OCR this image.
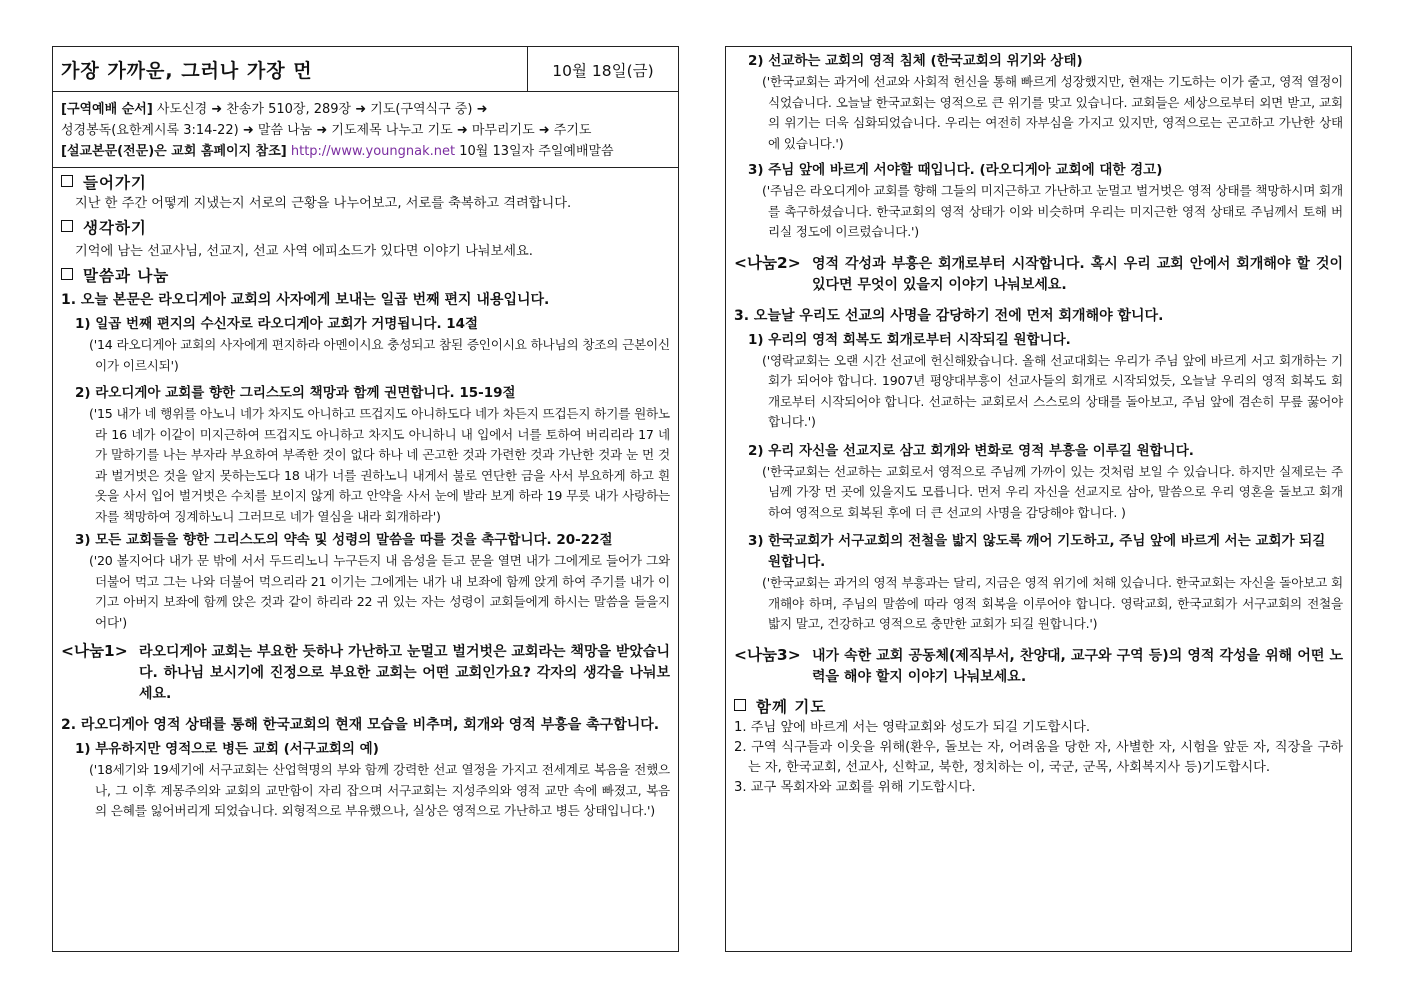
가장 가까운, 그러나 가장 먼	10월 18일(금)
[구역예배 순서] 사도신경 ➜ 찬송가 510장, 289장 ➜ 기도(구역식구 중) ➜
성경봉독(요한계시록 3:14-22) ➜ 말씀 나눔 ➜ 기도제목 나누고 기도 ➜ 마무리기도 ➜ 주기도
[설교본문(전문)은 교회 홈페이지 참조] http://www.youngnak.net 10월 13일자 주일예배말씀
들어가기
지난 한 주간 어떻게 지냈는지 서로의 근황을 나누어보고, 서로를 축복하고 격려합니다.
생각하기
기억에 남는 선교사님, 선교지, 선교 사역 에피소드가 있다면 이야기 나눠보세요.
말씀과 나눔
1. 오늘 본문은 라오디게아 교회의 사자에게 보내는 일곱 번째 편지 내용입니다.
1) 일곱 번째 편지의 수신자로 라오디게아 교회가 거명됩니다. 14절
('14 라오디게아 교회의 사자에게 편지하라 아멘이시요 충성되고 참된 증인이시요 하나님의 창조의 근본이신 이가 이르시되')
2) 라오디게아 교회를 향한 그리스도의 책망과 함께 권면합니다. 15-19절
('15 내가 네 행위를 아노니 네가 차지도 아니하고 뜨겁지도 아니하도다 네가 차든지 뜨겁든지 하기를 원하노라 16 네가 이같이 미지근하여 뜨겁지도 아니하고 차지도 아니하니 내 입에서 너를 토하여 버리리라 17 네가 말하기를 나는 부자라 부요하여 부족한 것이 없다 하나 네 곤고한 것과 가련한 것과 가난한 것과 눈 먼 것과 벌거벗은 것을 알지 못하는도다 18 내가 너를 권하노니 내게서 불로 연단한 금을 사서 부요하게 하고 흰 옷을 사서 입어 벌거벗은 수치를 보이지 않게 하고 안약을 사서 눈에 발라 보게 하라 19 무릇 내가 사랑하는 자를 책망하여 징계하노니 그러므로 네가 열심을 내라 회개하라')
3) 모든 교회들을 향한 그리스도의 약속 및 성령의 말씀을 따를 것을 촉구합니다. 20-22절
('20 볼지어다 내가 문 밖에 서서 두드리노니 누구든지 내 음성을 듣고 문을 열면 내가 그에게로 들어가 그와 더불어 먹고 그는 나와 더불어 먹으리라 21 이기는 그에게는 내가 내 보좌에 함께 앉게 하여 주기를 내가 이기고 아버지 보좌에 함께 앉은 것과 같이 하리라 22 귀 있는 자는 성령이 교회들에게 하시는 말씀을 들을지어다')
<나눔1> 라오디게아 교회는 부요한 듯하나 가난하고 눈멀고 벌거벗은 교회라는 책망을 받았습니다. 하나님 보시기에 진정으로 부요한 교회는 어떤 교회인가요? 각자의 생각을 나눠보세요.
2. 라오디게아 영적 상태를 통해 한국교회의 현재 모습을 비추며, 회개와 영적 부흥을 촉구합니다.
1) 부유하지만 영적으로 병든 교회 (서구교회의 예)
('18세기와 19세기에 서구교회는 산업혁명의 부와 함께 강력한 선교 열정을 가지고 전세계로 복음을 전했으나, 그 이후 계몽주의와 교회의 교만함이 자리 잡으며 서구교회는 지성주의와 영적 교만 속에 빠졌고, 복음의 은혜를 잃어버리게 되었습니다. 외형적으로 부유했으나, 실상은 영적으로 가난하고 병든 상태입니다.')
2) 선교하는 교회의 영적 침체 (한국교회의 위기와 상태)
('한국교회는 과거에 선교와 사회적 헌신을 통해 빠르게 성장했지만, 현재는 기도하는 이가 줄고, 영적 열정이 식었습니다. 오늘날 한국교회는 영적으로 큰 위기를 맞고 있습니다. 교회들은 세상으로부터 외면 받고, 교회의 위기는 더욱 심화되었습니다. 우리는 여전히 자부심을 가지고 있지만, 영적으로는 곤고하고 가난한 상태에 있습니다.')
3) 주님 앞에 바르게 서야할 때입니다. (라오디게아 교회에 대한 경고)
('주님은 라오디게아 교회를 향해 그들의 미지근하고 가난하고 눈멀고 벌거벗은 영적 상태를 책망하시며 회개를 촉구하셨습니다. 한국교회의 영적 상태가 이와 비슷하며 우리는 미지근한 영적 상태로 주님께서 토해 버리실 정도에 이르렀습니다.')
<나눔2> 영적 각성과 부흥은 회개로부터 시작합니다. 혹시 우리 교회 안에서 회개해야 할 것이 있다면 무엇이 있을지 이야기 나눠보세요.
3. 오늘날 우리도 선교의 사명을 감당하기 전에 먼저 회개해야 합니다.
1) 우리의 영적 회복도 회개로부터 시작되길 원합니다.
('영락교회는 오랜 시간 선교에 헌신해왔습니다. 올해 선교대회는 우리가 주님 앞에 바르게 서고 회개하는 기회가 되어야 합니다. 1907년 평양대부흥이 선교사들의 회개로 시작되었듯, 오늘날 우리의 영적 회복도 회개로부터 시작되어야 합니다. 선교하는 교회로서 스스로의 상태를 돌아보고, 주님 앞에 겸손히 무릎 꿇어야 합니다.')
2) 우리 자신을 선교지로 삼고 회개와 변화로 영적 부흥을 이루길 원합니다.
('한국교회는 선교하는 교회로서 영적으로 주님께 가까이 있는 것처럼 보일 수 있습니다. 하지만 실제로는 주님께 가장 먼 곳에 있을지도 모릅니다. 먼저 우리 자신을 선교지로 삼아, 말씀으로 우리 영혼을 돌보고 회개하여 영적으로 회복된 후에 더 큰 선교의 사명을 감당해야 합니다. )
3) 한국교회가 서구교회의 전철을 밟지 않도록 깨어 기도하고, 주님 앞에 바르게 서는 교회가 되길 원합니다.
('한국교회는 과거의 영적 부흥과는 달리, 지금은 영적 위기에 처해 있습니다. 한국교회는 자신을 돌아보고 회개해야 하며, 주님의 말씀에 따라 영적 회복을 이루어야 합니다. 영락교회, 한국교회가 서구교회의 전철을 밟지 말고, 건강하고 영적으로 충만한 교회가 되길 원합니다.')
<나눔3> 내가 속한 교회 공동체(제직부서, 찬양대, 교구와 구역 등)의 영적 각성을 위해 어떤 노력을 해야 할지 이야기 나눠보세요.
함께 기도
1. 주님 앞에 바르게 서는 영락교회와 성도가 되길 기도합시다.
2. 구역 식구들과 이웃을 위해(환우, 돌보는 자, 어려움을 당한 자, 사별한 자, 시험을 앞둔 자, 직장을 구하는 자, 한국교회, 선교사, 신학교, 북한, 정치하는 이, 국군, 군목, 사회복지사 등)기도합시다.
3. 교구 목회자와 교회를 위해 기도합시다.
